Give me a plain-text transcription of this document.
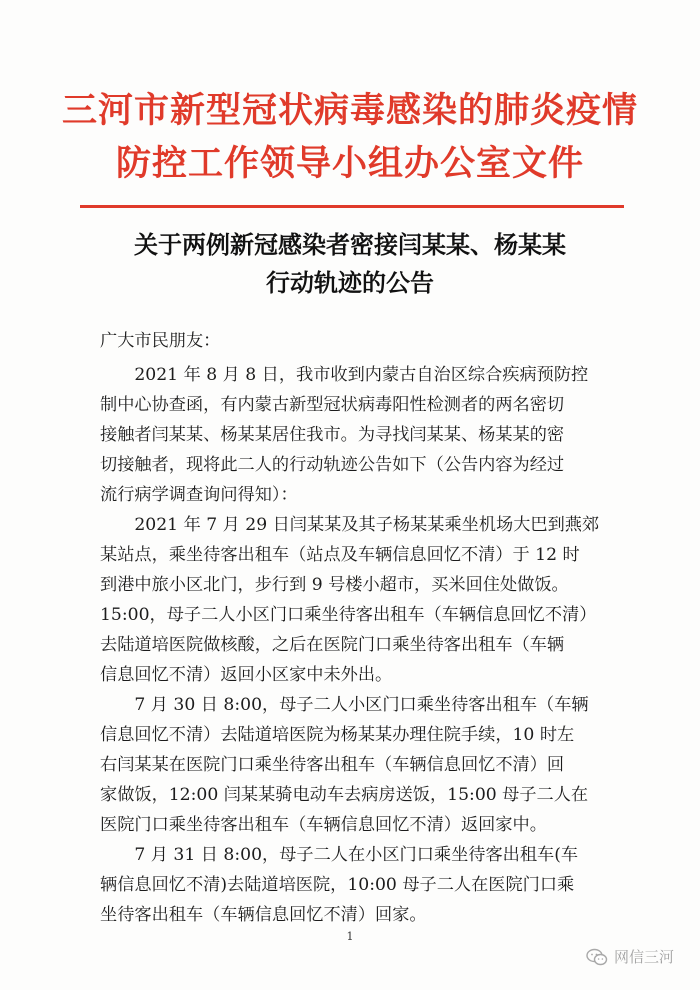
三河市新型冠状病毒感染的肺炎疫情
防控工作领导小组办公室文件
关于两例新冠感染者密接闫某某、杨某某
行动轨迹的公告
广大市民朋友：
　　2021 年 8 月 8 日，我市收到内蒙古自治区综合疾病预防控
制中心协查函，有内蒙古新型冠状病毒阳性检测者的两名密切
接触者闫某某、杨某某居住我市。为寻找闫某某、杨某某的密
切接触者，现将此二人的行动轨迹公告如下（公告内容为经过
流行病学调查询问得知）：
　　2021 年 7 月 29 日闫某某及其子杨某某乘坐机场大巴到燕郊
某站点，乘坐待客出租车（站点及车辆信息回忆不清）于 12 时
到港中旅小区北门，步行到 9 号楼小超市，买米回住处做饭。
15:00，母子二人小区门口乘坐待客出租车（车辆信息回忆不清）
去陆道培医院做核酸，之后在医院门口乘坐待客出租车（车辆
信息回忆不清）返回小区家中未外出。
　　7 月 30 日 8:00，母子二人小区门口乘坐待客出租车（车辆
信息回忆不清）去陆道培医院为杨某某办理住院手续，10 时左
右闫某某在医院门口乘坐待客出租车（车辆信息回忆不清）回
家做饭，12:00 闫某某骑电动车去病房送饭，15:00 母子二人在
医院门口乘坐待客出租车（车辆信息回忆不清）返回家中。
　　7 月 31 日 8:00，母子二人在小区门口乘坐待客出租车(车
辆信息回忆不清)去陆道培医院，10:00 母子二人在医院门口乘
坐待客出租车（车辆信息回忆不清）回家。
1
网信三河
